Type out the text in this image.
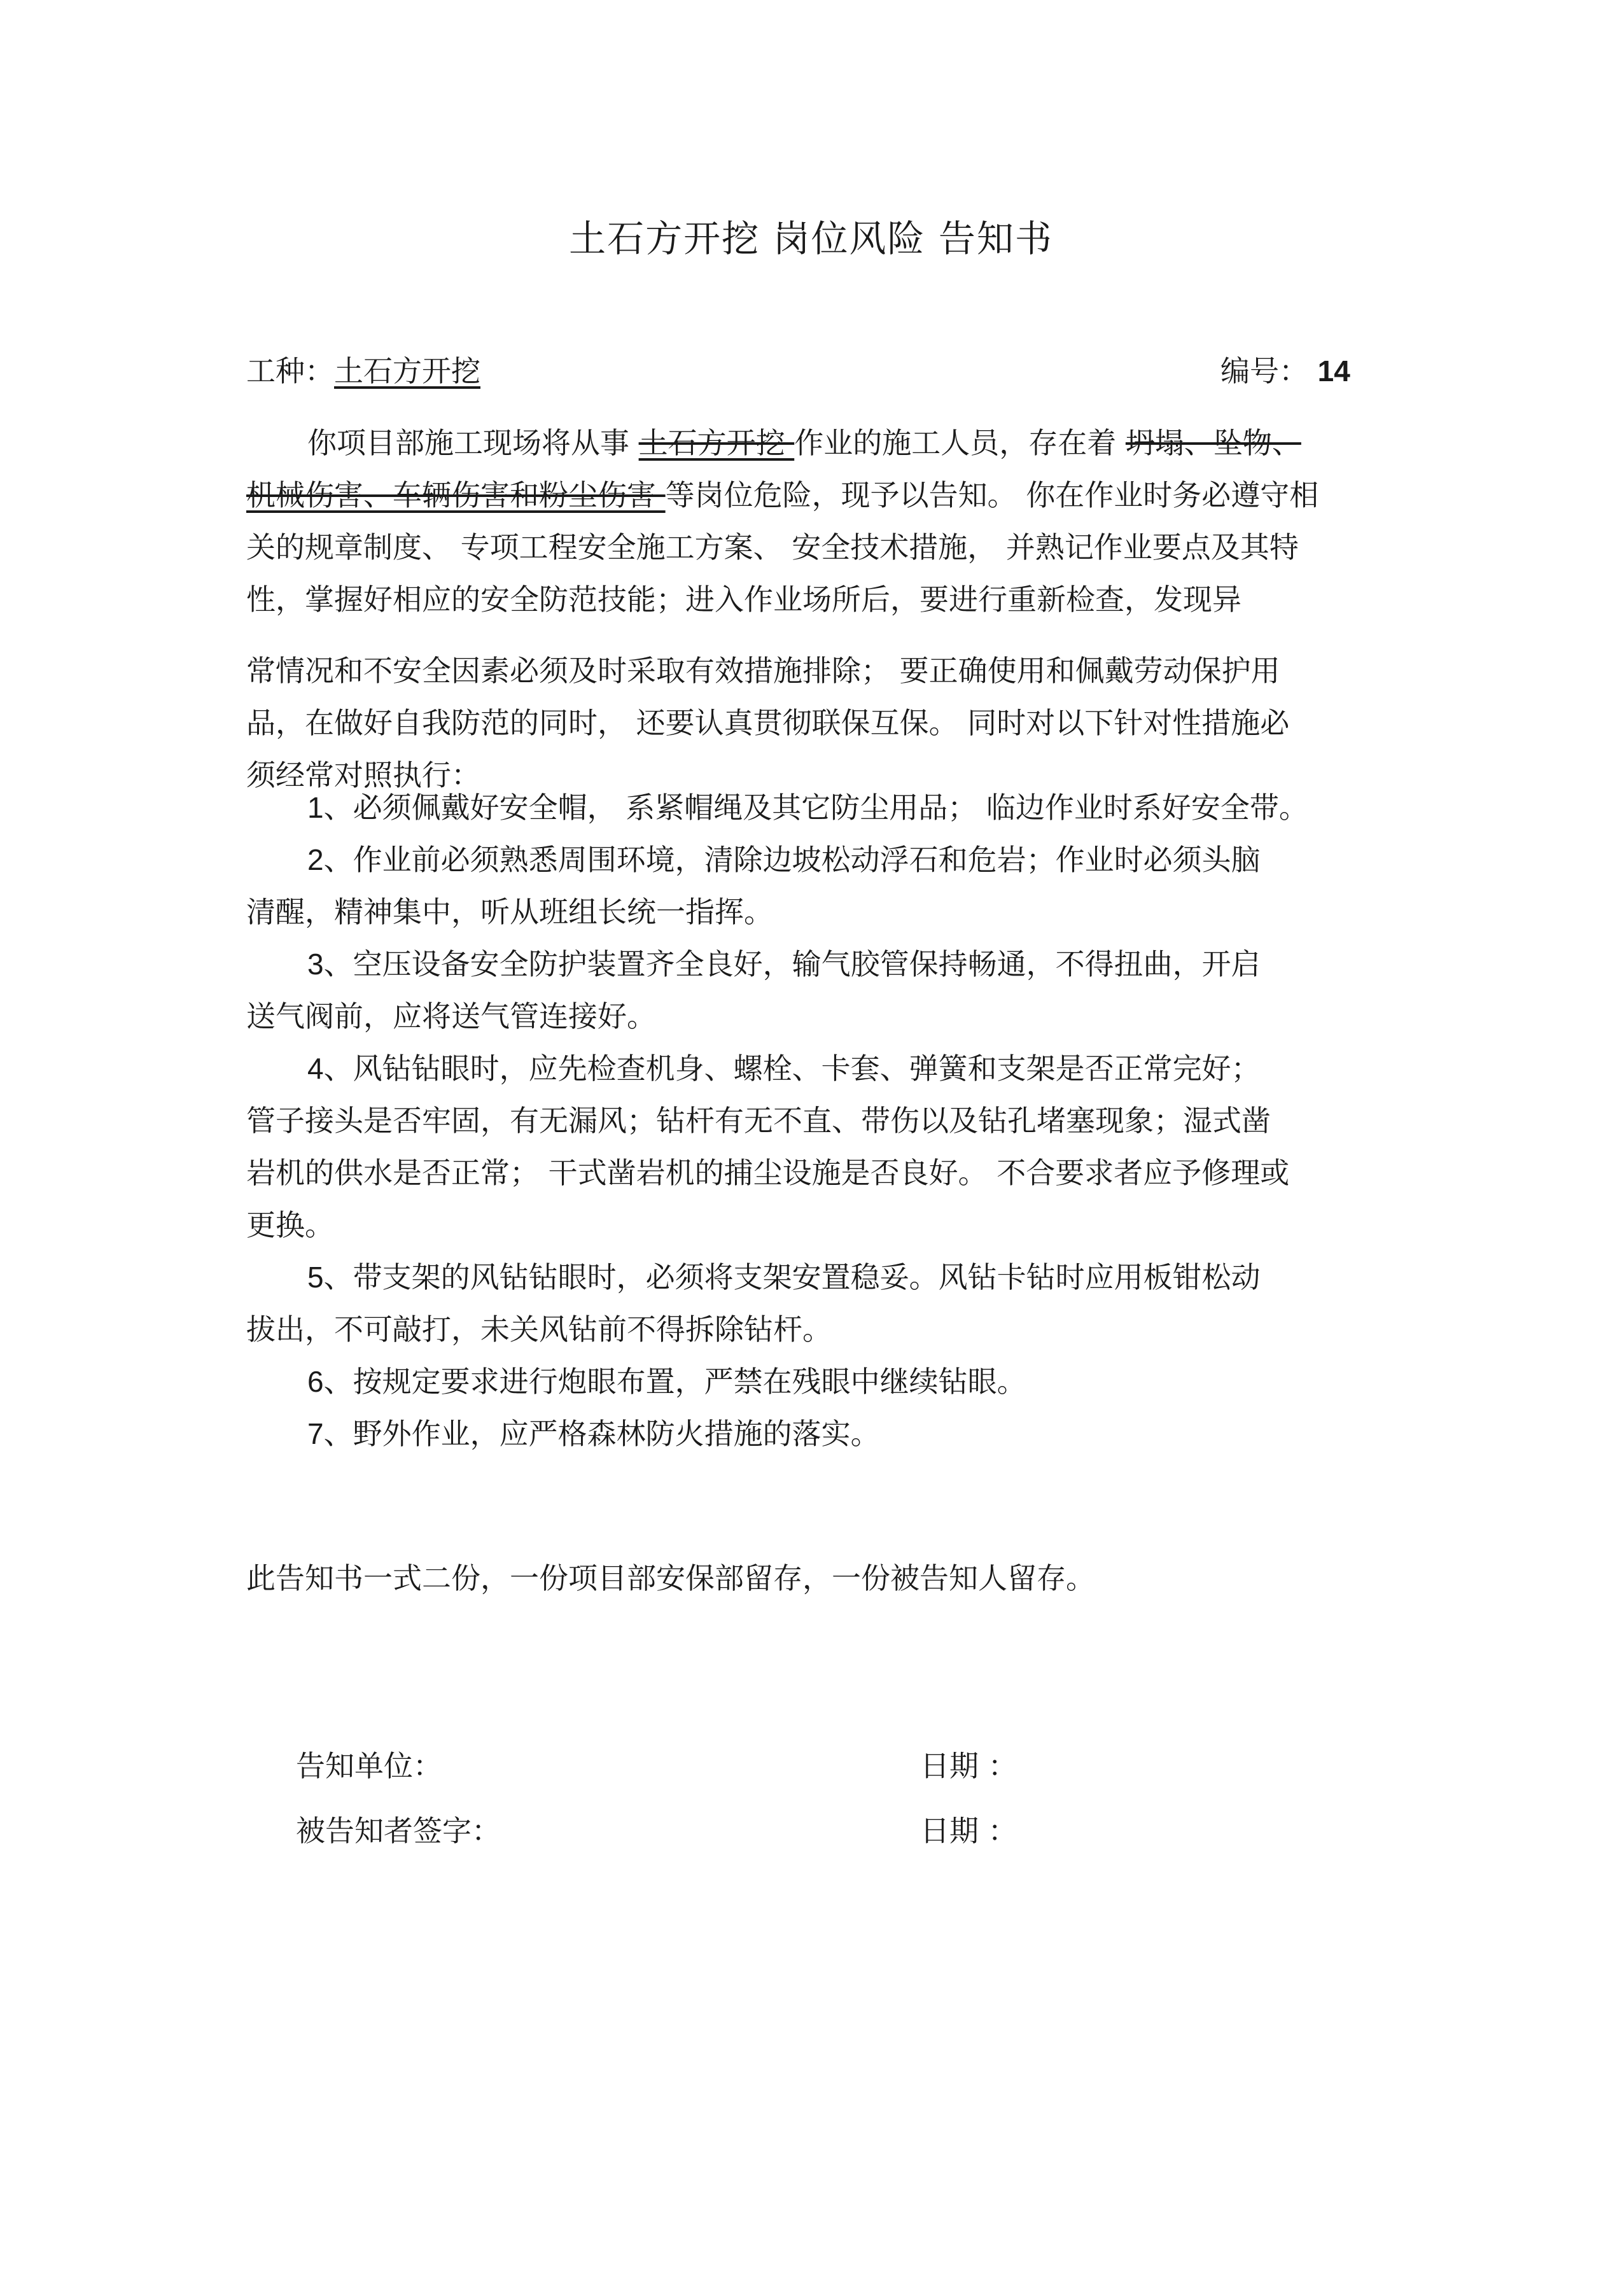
土石方开挖 岗位风险 告知书
工种：土石方开挖	编号： 14
你项目部施工现场将从事 土石方开挖 作业的施工人员，存在着 坍塌、坠物、
机械伤害、车辆伤害和粉尘伤害 等岗位危险，现予以告知。 你在作业时务必遵守相
关的规章制度、 专项工程安全施工方案、 安全技术措施， 并熟记作业要点及其特
性，掌握好相应的安全防范技能；进入作业场所后，要进行重新检查，发现异
常情况和不安全因素必须及时采取有效措施排除； 要正确使用和佩戴劳动保护用
品，在做好自我防范的同时， 还要认真贯彻联保互保。 同时对以下针对性措施必
须经常对照执行：
1、必须佩戴好安全帽， 系紧帽绳及其它防尘用品； 临边作业时系好安全带。
2、作业前必须熟悉周围环境，清除边坡松动浮石和危岩；作业时必须头脑
清醒，精神集中，听从班组长统一指挥。
3、空压设备安全防护装置齐全良好，输气胶管保持畅通，不得扭曲，开启
送气阀前，应将送气管连接好。
4、风钻钻眼时，应先检查机身、螺栓、卡套、弹簧和支架是否正常完好；
管子接头是否牢固，有无漏风；钻杆有无不直、带伤以及钻孔堵塞现象；湿式凿
岩机的供水是否正常； 干式凿岩机的捕尘设施是否良好。 不合要求者应予修理或
更换。
5、带支架的风钻钻眼时，必须将支架安置稳妥。风钻卡钻时应用板钳松动
拔出，不可敲打，未关风钻前不得拆除钻杆。
6、按规定要求进行炮眼布置，严禁在残眼中继续钻眼。
7、野外作业，应严格森林防火措施的落实。
此告知书一式二份，一份项目部安保部留存，一份被告知人留存。
告知单位：	日期 ：
被告知者签字：	日期 ：
